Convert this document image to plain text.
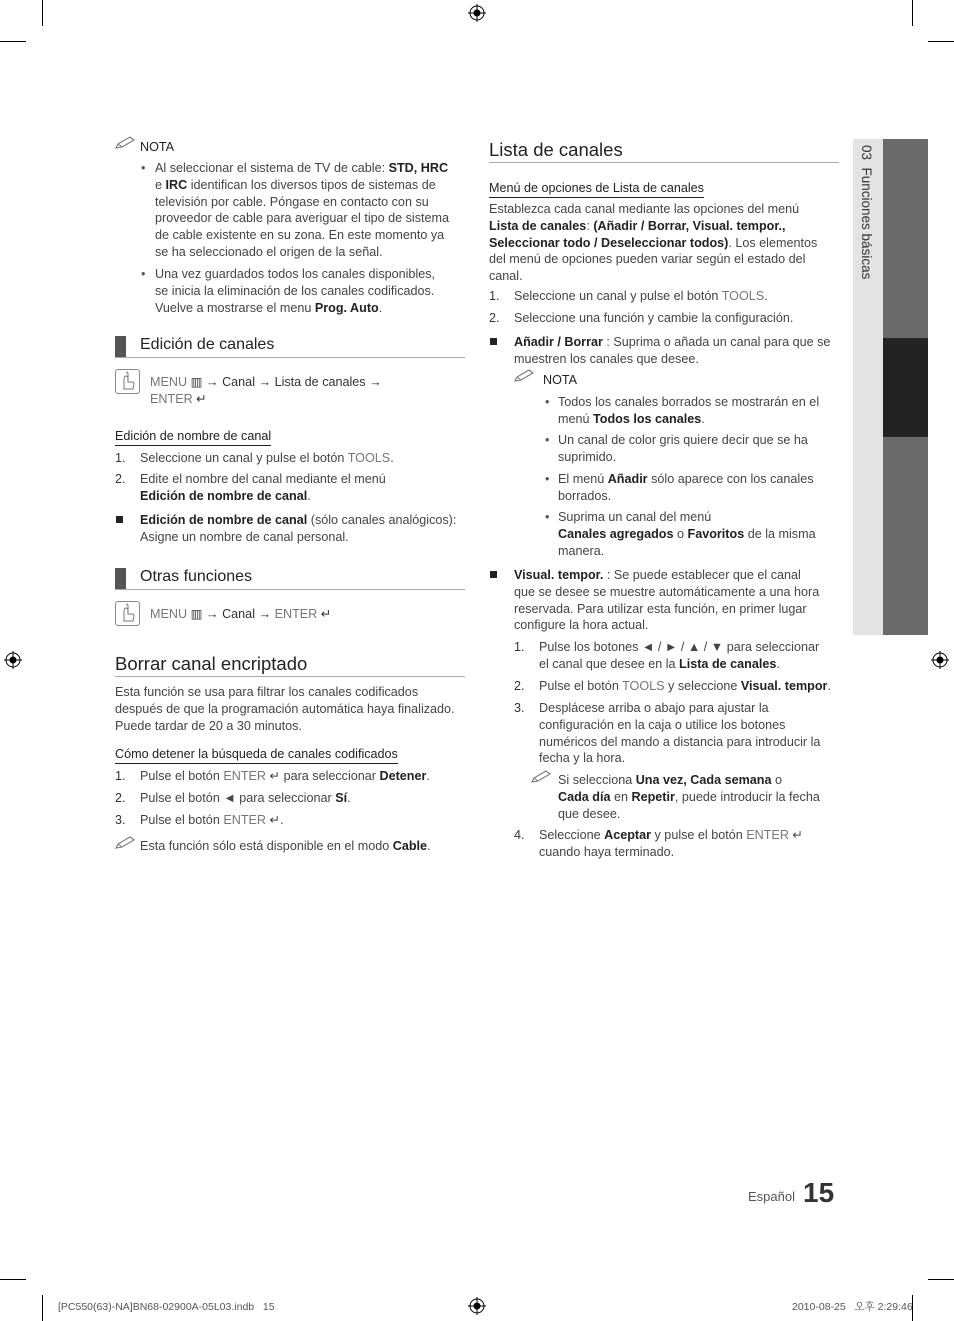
03  Funciones básicas
NOTA
• Al seleccionar el sistema de TV de cable: STD, HRC
e IRC identifican los diversos tipos de sistemas de
televisión por cable. Póngase en contacto con su
proveedor de cable para averiguar el tipo de sistema
de cable existente en su zona. En este momento ya
se ha seleccionado el origen de la señal.
• Una vez guardados todos los canales disponibles,
se inicia la eliminación de los canales codificados.
Vuelve a mostrarse el menu Prog. Auto.
Edición de canales
MENU ▥ → Canal → Lista de canales →
ENTER ↵
Edición de nombre de canal
1. Seleccione un canal y pulse el botón TOOLS.
2. Edite el nombre del canal mediante el menú
Edición de nombre de canal.
Edición de nombre de canal (sólo canales analógicos):
Asigne un nombre de canal personal.
Otras funciones
MENU ▥ → Canal → ENTER ↵
Borrar canal encriptado
Esta función se usa para filtrar los canales codificados
después de que la programación automática haya finalizado.
Puede tardar de 20 a 30 minutos.
Cómo detener la búsqueda de canales codificados
1. Pulse el botón ENTER ↵ para seleccionar Detener.
2. Pulse el botón ◄ para seleccionar Sí.
3. Pulse el botón ENTER ↵.
Esta función sólo está disponible en el modo Cable.
Lista de canales
Menú de opciones de Lista de canales
Establezca cada canal mediante las opciones del menú
Lista de canales: (Añadir / Borrar, Visual. tempor.,
Seleccionar todo / Deseleccionar todos). Los elementos
del menú de opciones pueden variar según el estado del
canal.
1. Seleccione un canal y pulse el botón TOOLS.
2. Seleccione una función y cambie la configuración.
Añadir / Borrar : Suprima o añada un canal para que se
muestren los canales que desee.
NOTA
• Todos los canales borrados se mostrarán en el
menú Todos los canales.
• Un canal de color gris quiere decir que se ha
suprimido.
• El menú Añadir sólo aparece con los canales
borrados.
• Suprima un canal del menú
Canales agregados o Favoritos de la misma
manera.
Visual. tempor. : Se puede establecer que el canal
que se desee se muestre automáticamente a una hora
reservada. Para utilizar esta función, en primer lugar
configure la hora actual.
1. Pulse los botones ◄ / ► / ▲ / ▼ para seleccionar
el canal que desee en la Lista de canales.
2. Pulse el botón TOOLS y seleccione Visual. tempor.
3. Desplácese arriba o abajo para ajustar la
configuración en la caja o utilice los botones
numéricos del mando a distancia para introducir la
fecha y la hora.
Si selecciona Una vez, Cada semana o
Cada día en Repetir, puede introducir la fecha
que desee.
4. Seleccione Aceptar y pulse el botón ENTER ↵
cuando haya terminado.
Español 15
[PC550(63)-NA]BN68-02900A-05L03.indb   15	2010-08-25   오후 2:29:46
